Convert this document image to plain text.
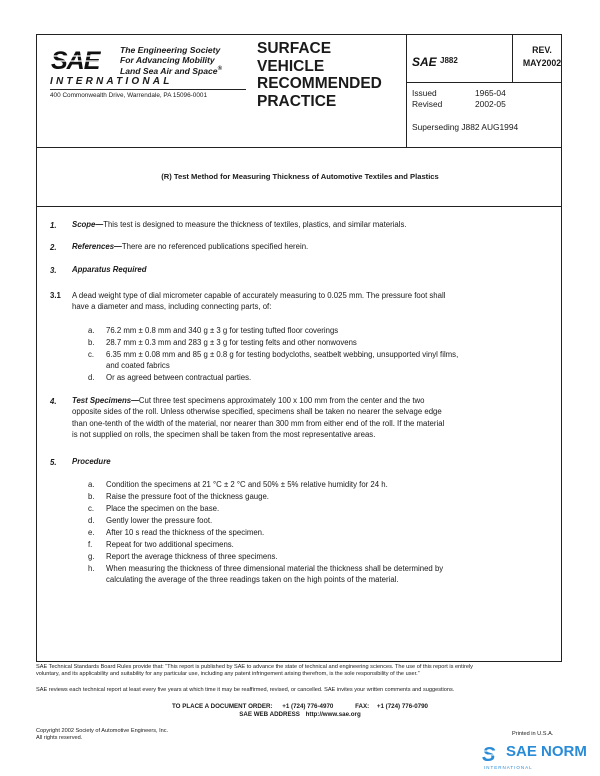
SAE The Engineering Society
For Advancing Mobility
Land Sea Air and Space®
INTERNATIONAL
400 Commonwealth Drive, Warrendale, PA 15096-0001
SURFACE
VEHICLE
RECOMMENDED
PRACTICE
SAE J882
REV.
MAY2002
Issued	1965-04
Revised	2002-05
Superseding J882 AUG1994
(R) Test Method for Measuring Thickness of Automotive Textiles and Plastics
1. Scope—This test is designed to measure the thickness of textiles, plastics, and similar materials.
2. References—There are no referenced publications specified herein.
3. Apparatus Required
3.1 A dead weight type of dial micrometer capable of accurately measuring to 0.025 mm. The pressure foot shall
have a diameter and mass, including connecting parts, of:
a. 76.2 mm ± 0.8 mm and 340 g ± 3 g for testing tufted floor coverings
b. 28.7 mm ± 0.3 mm and 283 g ± 3 g for testing felts and other nonwovens
c. 6.35 mm ± 0.08 mm and 85 g ± 0.8 g for testing bodycloths, seatbelt webbing, unsupported vinyl films,
and coated fabrics
d. Or as agreed between contractual parties.
4. Test Specimens—Cut three test specimens approximately 100 x 100 mm from the center and the two
opposite sides of the roll. Unless otherwise specified, specimens shall be taken no nearer the selvage edge
than one-tenth of the width of the material, nor nearer than 300 mm from either end of the roll. If the material
is not supplied on rolls, the specimen shall be taken from the most representative areas.
5. Procedure
a. Condition the specimens at 21 °C ± 2 °C and 50% ± 5% relative humidity for 24 h.
b. Raise the pressure foot of the thickness gauge.
c. Place the specimen on the base.
d. Gently lower the pressure foot.
e. After 10 s read the thickness of the specimen.
f. Repeat for two additional specimens.
g. Report the average thickness of three specimens.
h. When measuring the thickness of three dimensional material the thickness shall be determined by
calculating the average of the three readings taken on the high points of the material.
SAE Technical Standards Board Rules provide that: “This report is published by SAE to advance the state of technical and engineering sciences. The use of this report is entirely
voluntary, and its applicability and suitability for any particular use, including any patent infringement arising therefrom, is the sole responsibility of the user.”
SAE reviews each technical report at least every five years at which time it may be reaffirmed, revised, or cancelled. SAE invites your written comments and suggestions.
TO PLACE A DOCUMENT ORDER: +1 (724) 776-4970	FAX: +1 (724) 776-0790
SAE WEB ADDRESS http://www.sae.org
Copyright 2002 Society of Automotive Engineers, Inc.
All rights reserved.
Printed in U.S.A.
S SAE NORM
INTERNATIONAL
